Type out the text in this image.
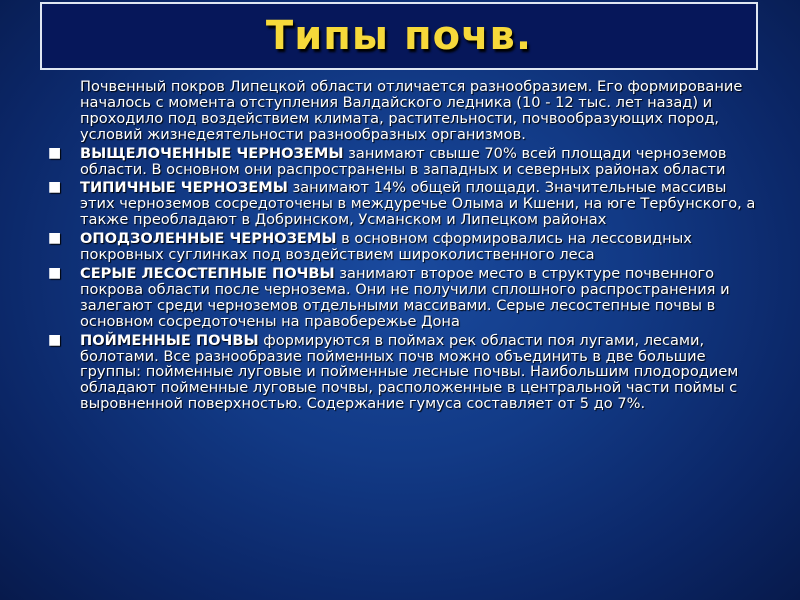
Типы почв.

Почвенный покров Липецкой области отличается разнообразием. Его формирование началось с момента отступления Валдайского ледника (10 - 12 тыс. лет назад) и проходило под воздействием климата, растительности, почвообразующих пород, условий жизнедеятельности разнообразных организмов.

■ ВЫЩЕЛОЧЕННЫЕ ЧЕРНОЗЕМЫ занимают свыше 70% всей площади черноземов области. В основном они распространены в западных и северных районах области
■ ТИПИЧНЫЕ ЧЕРНОЗЕМЫ занимают 14% общей площади. Значительные массивы этих черноземов сосредоточены в междуречье Олыма и Кшени, на юге Тербунского, а также преобладают в Добринском, Усманском и Липецком районах
■ ОПОДЗОЛЕННЫЕ ЧЕРНОЗЕМЫ в основном сформировались на лессовидных покровных суглинках под воздействием широколиственного леса
■ СЕРЫЕ ЛЕСОСТЕПНЫЕ ПОЧВЫ занимают второе место в структуре почвенного покрова области после чернозема. Они не получили сплошного распространения и залегают среди черноземов отдельными массивами. Серые лесостепные почвы в основном сосредоточены на правобережье Дона
■ ПОЙМЕННЫЕ ПОЧВЫ формируются в поймах рек области поя лугами, лесами, болотами. Все разнообразие пойменных почв можно объединить в две большие группы: пойменные луговые и пойменные лесные почвы. Наибольшим плодородием обладают пойменные луговые почвы, расположенные в центральной части поймы с выровненной поверхностью. Содержание гумуса составляет от 5 до 7%.
